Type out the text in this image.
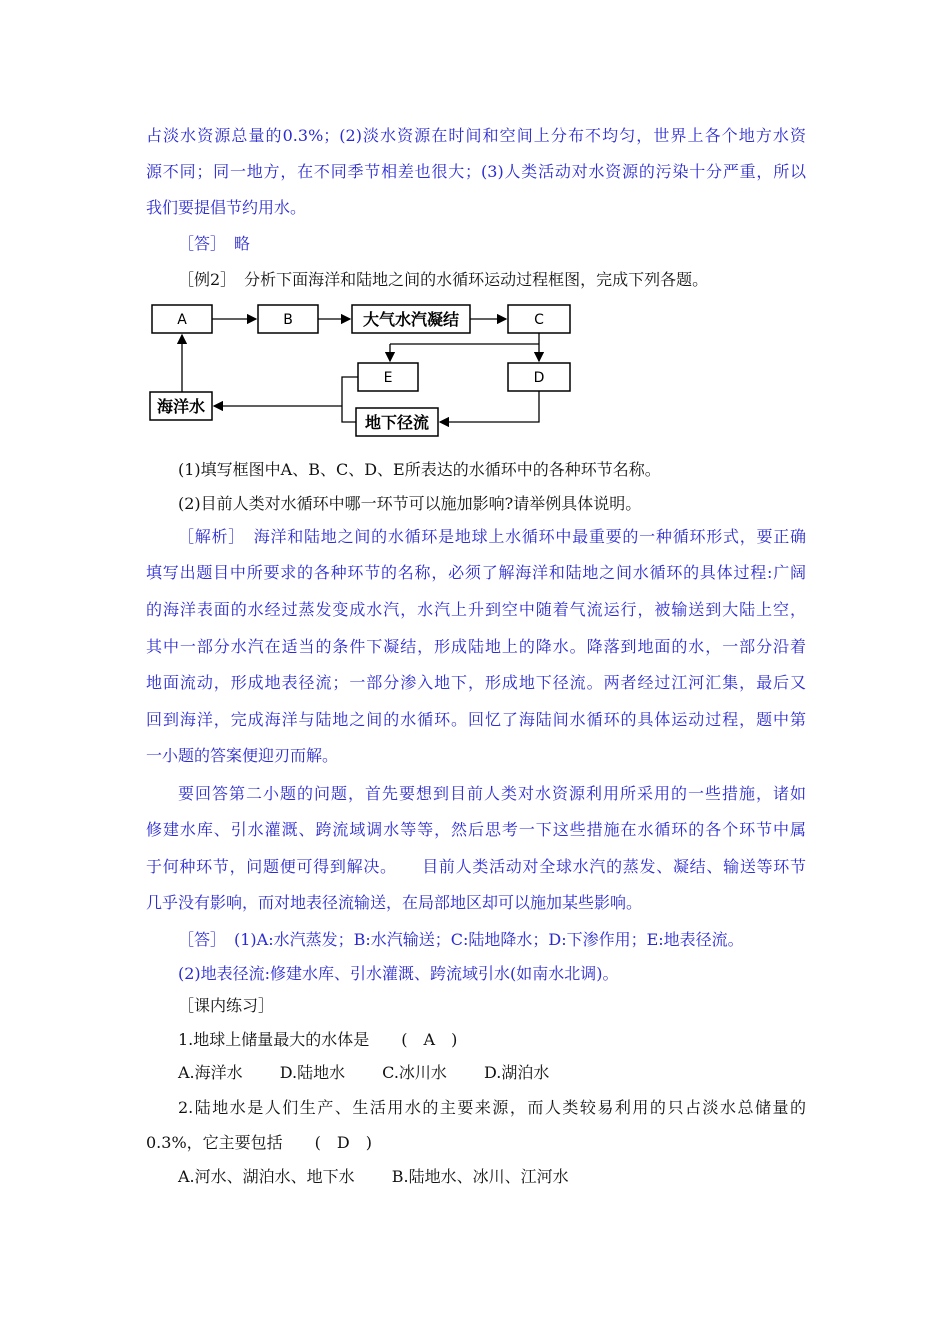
占淡水资源总量的0.3%；(2)淡水资源在时间和空间上分布不均匀，世界上各个地方水资
源不同；同一地方，在不同季节相差也很大；(3)人类活动对水资源的污染十分严重，所以
我们要提倡节约用水。
［答］　略
［例2］　分析下面海洋和陆地之间的水循环运动过程框图，完成下列各题。
A	B	大气水汽凝结	C
E	D
海洋水
地下径流
(1)填写框图中A、B、C、D、E所表达的水循环中的各种环节名称。
(2)目前人类对水循环中哪一环节可以施加影响?请举例具体说明。
［解析］　海洋和陆地之间的水循环是地球上水循环中最重要的一种循环形式，要正确
填写出题目中所要求的各种环节的名称，必须了解海洋和陆地之间水循环的具体过程:广阔
的海洋表面的水经过蒸发变成水汽，水汽上升到空中随着气流运行，被输送到大陆上空，
其中一部分水汽在适当的条件下凝结，形成陆地上的降水。降落到地面的水，一部分沿着
地面流动，形成地表径流；一部分渗入地下，形成地下径流。两者经过江河汇集，最后又
回到海洋，完成海洋与陆地之间的水循环。回忆了海陆间水循环的具体运动过程，题中第
一小题的答案便迎刃而解。
要回答第二小题的问题，首先要想到目前人类对水资源利用所采用的一些措施，诸如
修建水库、引水灌溉、跨流域调水等等，然后思考一下这些措施在水循环的各个环节中属
于何种环节，问题便可得到解决。　　目前人类活动对全球水汽的蒸发、凝结、输送等环节
几乎没有影响，而对地表径流输送，在局部地区却可以施加某些影响。
［答］　(1)A:水汽蒸发；B:水汽输送；C:陆地降水；D:下渗作用；E:地表径流。
(2)地表径流:修建水库、引水灌溉、跨流域引水(如南水北调)。
［课内练习］
1.地球上储量最大的水体是　　(　A　)
A.海洋水　　 D.陆地水　　 C.冰川水　　 D.湖泊水
2.陆地水是人们生产、生活用水的主要来源，而人类较易利用的只占淡水总储量的
0.3%，它主要包括　　(　D　)
A.河水、湖泊水、地下水　　 B.陆地水、冰川、江河水
